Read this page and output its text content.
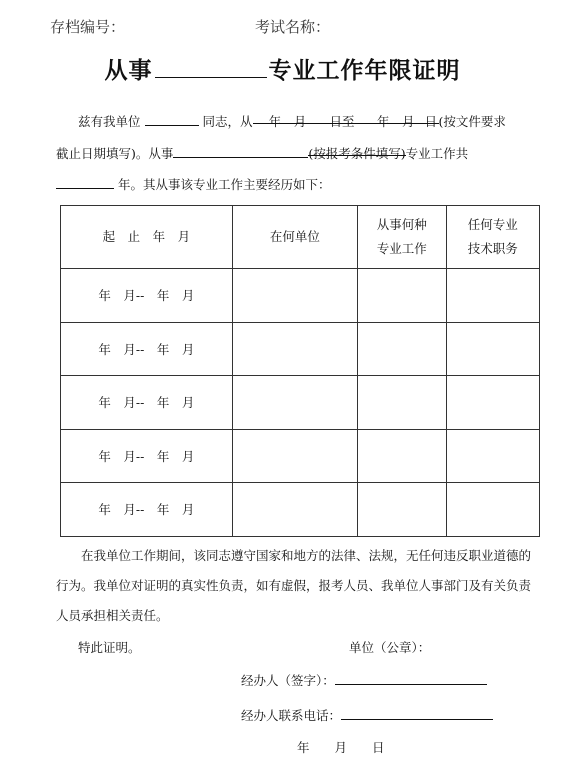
存档编号：	考试名称：
从事	专业工作年限证明
兹有我单位	同志，从 年　 月　 日至　 年　 月 日(按文件要求
截止日期填写)。从事	(按报考条件填写)专业工作共
年。其从事该专业工作主要经历如下：
起　止　年　月	在何单位	从事何种专业工作	任何专业技术职务
年　月--　年　月			
年　月--　年　月			
年　月--　年　月			
年　月--　年　月			
年　月--　年　月			
在我单位工作期间，该同志遵守国家和地方的法律、法规，无任何违反职业道德的行为。我单位对证明的真实性负责，如有虚假，报考人员、我单位人事部门及有关负责人员承担相关责任。
特此证明。	单位（公章）：
经办人（签字）：
经办人联系电话：
年　　月　　日
